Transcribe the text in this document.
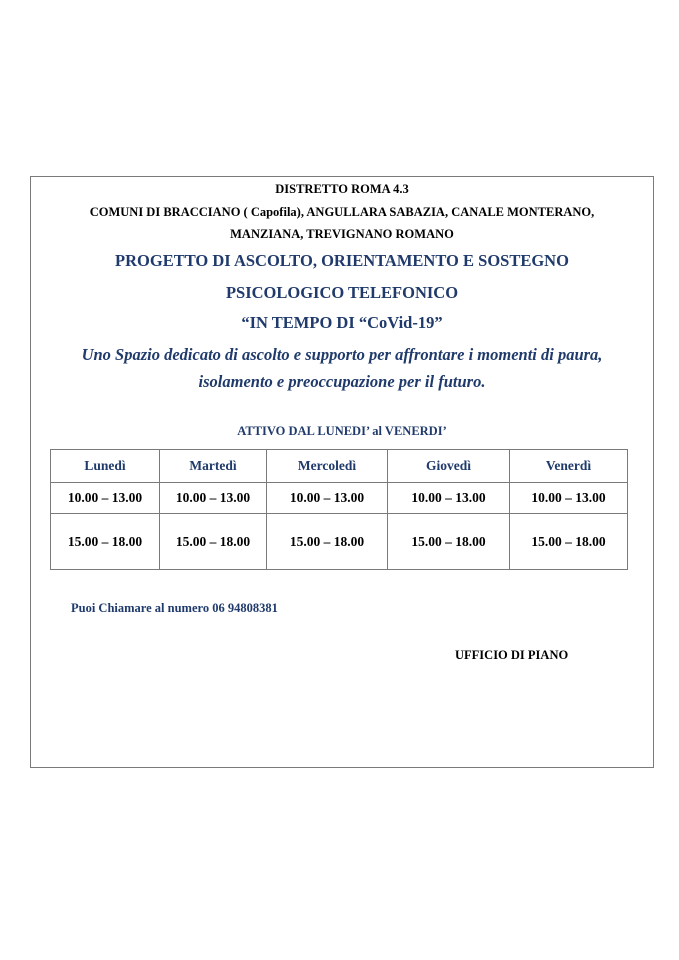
DISTRETTO ROMA 4.3
COMUNI DI BRACCIANO ( Capofila), ANGULLARA SABAZIA, CANALE MONTERANO,
MANZIANA, TREVIGNANO ROMANO
PROGETTO DI ASCOLTO, ORIENTAMENTO E SOSTEGNO
PSICOLOGICO TELEFONICO
“IN TEMPO DI “CoVid-19”
Uno Spazio dedicato di ascolto e supporto per affrontare i momenti di paura,
isolamento e preoccupazione per il futuro.
ATTIVO DAL LUNEDI’ al VENERDI’
Lunedì	Martedì	Mercoledì	Giovedì	Venerdì
10.00 – 13.00	10.00 – 13.00	10.00 – 13.00	10.00 – 13.00	10.00 – 13.00
15.00 – 18.00	15.00 – 18.00	15.00 – 18.00	15.00 – 18.00	15.00 – 18.00
Puoi Chiamare al numero 06 94808381
UFFICIO DI PIANO
